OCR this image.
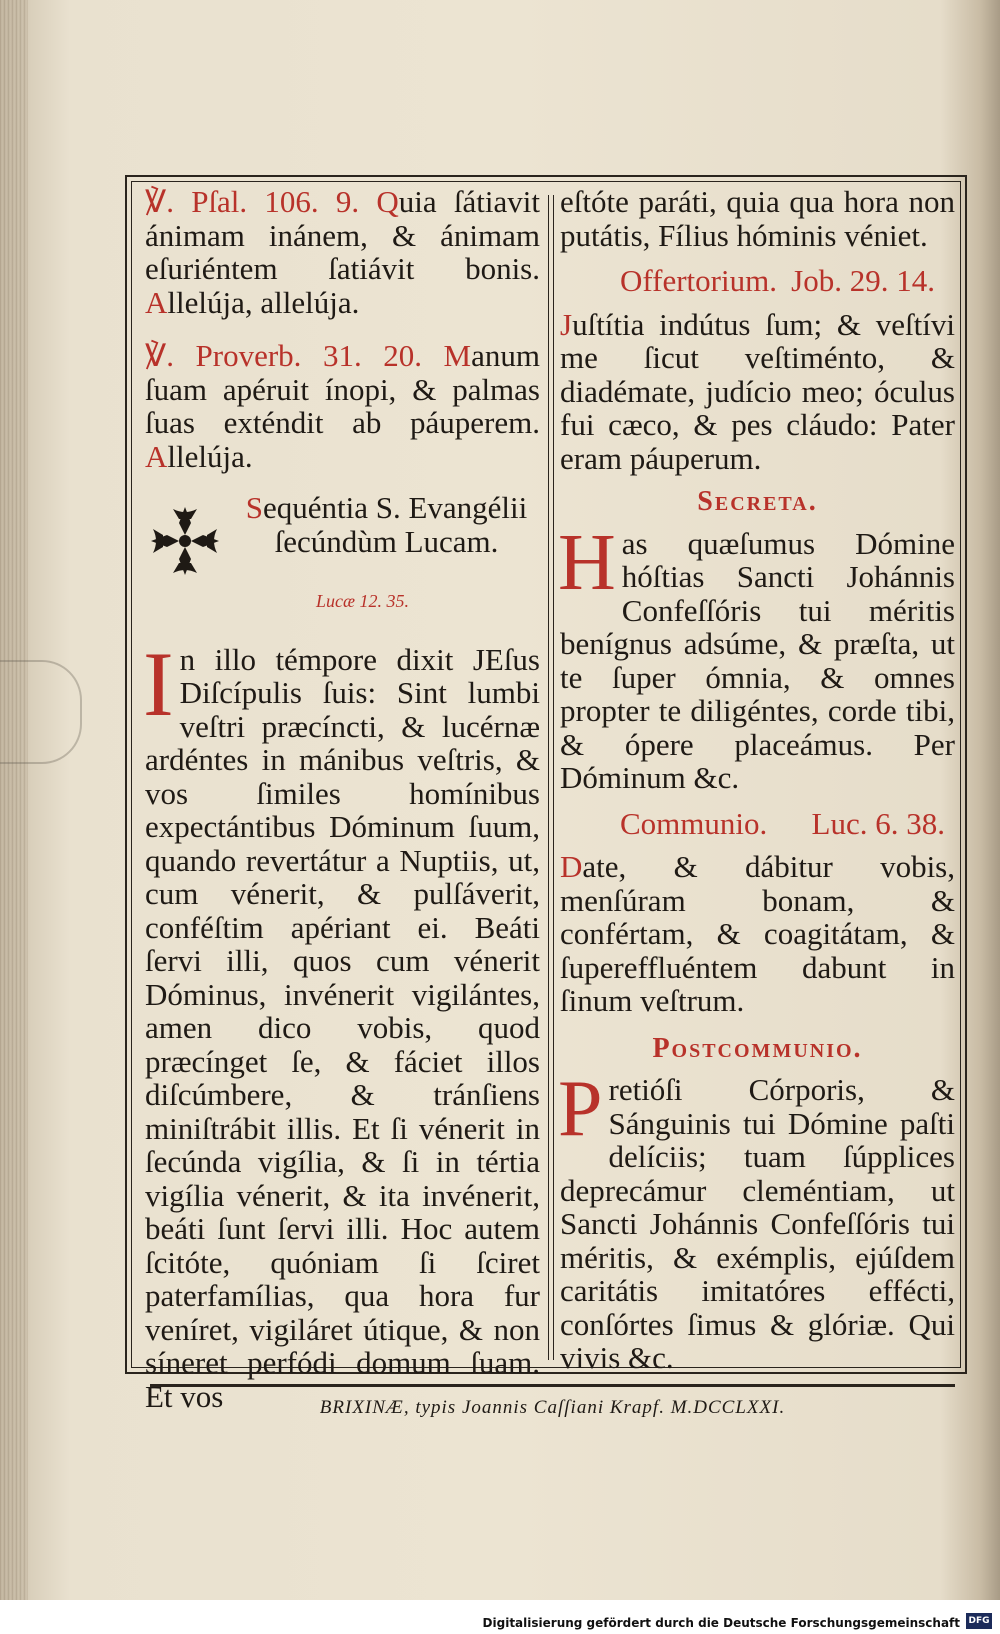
℣. Pſal. 106. 9. Quia ſátiavit ánimam inánem, & ánimam eſuriéntem ſatiávit bonis. Allelúja, allelúja.

℣. Proverb. 31. 20. Manum ſuam apéruit ínopi, & palmas ſuas exténdit ab páuperem. Allelúja.

Sequéntia S. Evangélii
ſecúndùm Lucam.
Lucæ 12. 35.

In illo témpore dixit JEſus Diſcípulis ſuis: Sint lumbi veſtri præcíncti, & lucérnæ ardéntes in mánibus veſtris, & vos ſimiles homínibus expectántibus Dóminum ſuum, quando revertátur a Nuptiis, ut, cum vénerit, & pulſáverit, conféſtim apériant ei. Beáti ſervi illi, quos cum vénerit Dóminus, invénerit vigilántes, amen dico vobis, quod præcínget ſe, & fáciet illos diſcúmbere, & tránſiens miniſtrábit illis. Et ſi vénerit in ſecúnda vigília, & ſi in tértia vigília vénerit, & ita invénerit, beáti ſunt ſervi illi. Hoc autem ſcitóte, quóniam ſi ſciret paterfamílias, qua hora fur veníret, vigiláret útique, & non síneret perfódi domum ſuam. Et vos

eſtóte paráti, quia qua hora non putátis, Fílius hóminis véniet.

Offertorium. Job. 29. 14.

Juſtítia indútus ſum; & veſtívi me ſicut veſtiménto, & diadémate, judício meo; óculus fui cæco, & pes cláudo: Pater eram páuperum.

Secreta.

Has quæſumus Dómine hóſtias Sancti Johánnis Confeſſóris tui méritis benígnus adsúme, & præſta, ut te ſuper ómnia, & omnes propter te diligéntes, corde tibi, & ópere placeámus. Per Dóminum &c.

Communio. Luc. 6. 38.

Date, & dábitur vobis, menſúram bonam, & confértam, & coagitátam, & ſupereffluéntem dabunt in ſinum veſtrum.

Postcommunio.

Pretióſi Córporis, & Sánguinis tui Dómine paſti delíciis; tuam ſúpplices deprecámur cleméntiam, ut Sancti Johánnis Confeſſóris tui méritis, & exémplis, ejúſdem caritátis imitatóres effécti, conſórtes ſimus & glóriæ. Qui vivis &c.

BRIXINÆ, typis Joannis Caſſiani Krapf. M.DCCLXXI.
Digitalisierung gefördert durch die Deutsche Forschungsgemeinschaft DFG
